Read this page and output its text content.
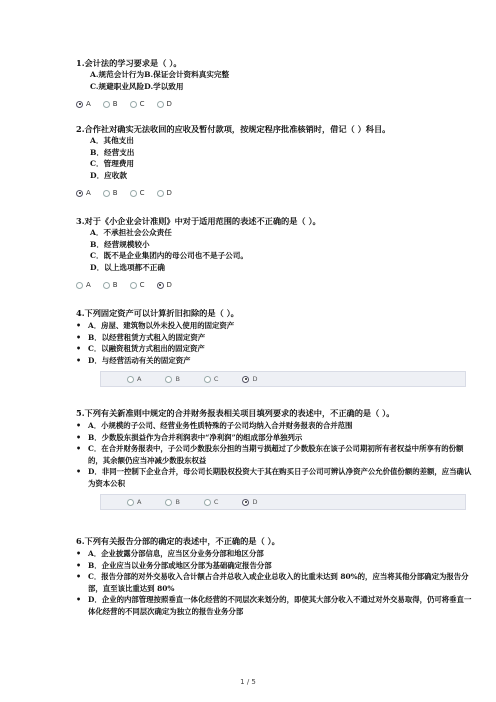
1.会计法的学习要求是（ ）。

A.规范会计行为B.保证会计资料真实完整

C.规避职业风险D.学以致用

A	B	C	D

2.合作社对确实无法收回的应收及暂付款项，按规定程序批准核销时，借记（ ）科目。

A．其他支出

B．经营支出

C．管理费用

D．应收款

A	B	C	D

3.对于《小企业会计准则》中对于适用范围的表述不正确的是（ ）。

A．不承担社会公众责任

B．经营规模较小

C．既不是企业集团内的母公司也不是子公司。

D．以上选项都不正确

A	B	C	D

4.下列固定资产可以计算折旧扣除的是（ ）。

• A．房屋、建筑物以外未投入使用的固定资产
• B．以经营租赁方式租入的固定资产
• C．以融资租赁方式租出的固定资产
• D．与经营活动有关的固定资产
A	B	C	D

5.下列有关新准则中规定的合并财务报表相关项目填列要求的表述中，不正确的是（ ）。

• A．小规模的子公司、经营业务性质特殊的子公司均纳入合并财务报表的合并范围
• B．少数股东损益作为合并利润表中“净利润”的组成部分单独列示
• C．在合并财务报表中，子公司少数股东分担的当期亏损超过了少数股东在该子公司期初所有者权益中所享有的份额的，其余额仍应当冲减少数股东权益
• D．非同一控制下企业合并，母公司长期股权投资大于其在购买日子公司可辨认净资产公允价值份额的差额，应当确认为资本公积
A	B	C	D

6.下列有关报告分部的确定的表述中，不正确的是（ ）。

• A．企业披露分部信息，应当区分业务分部和地区分部
• B．企业应当以业务分部或地区分部为基础确定报告分部
• C．报告分部的对外交易收入合计额占合并总收入或企业总收入的比重未达到 80%的，应当将其他分部确定为报告分部，直至该比重达到 80%
• D．企业的内部管理按照垂直一体化经营的不同层次来划分的，即使其大部分收入不通过对外交易取得，仍可将垂直一体化经营的不同层次确定为独立的报告业务分部
1 / 5
